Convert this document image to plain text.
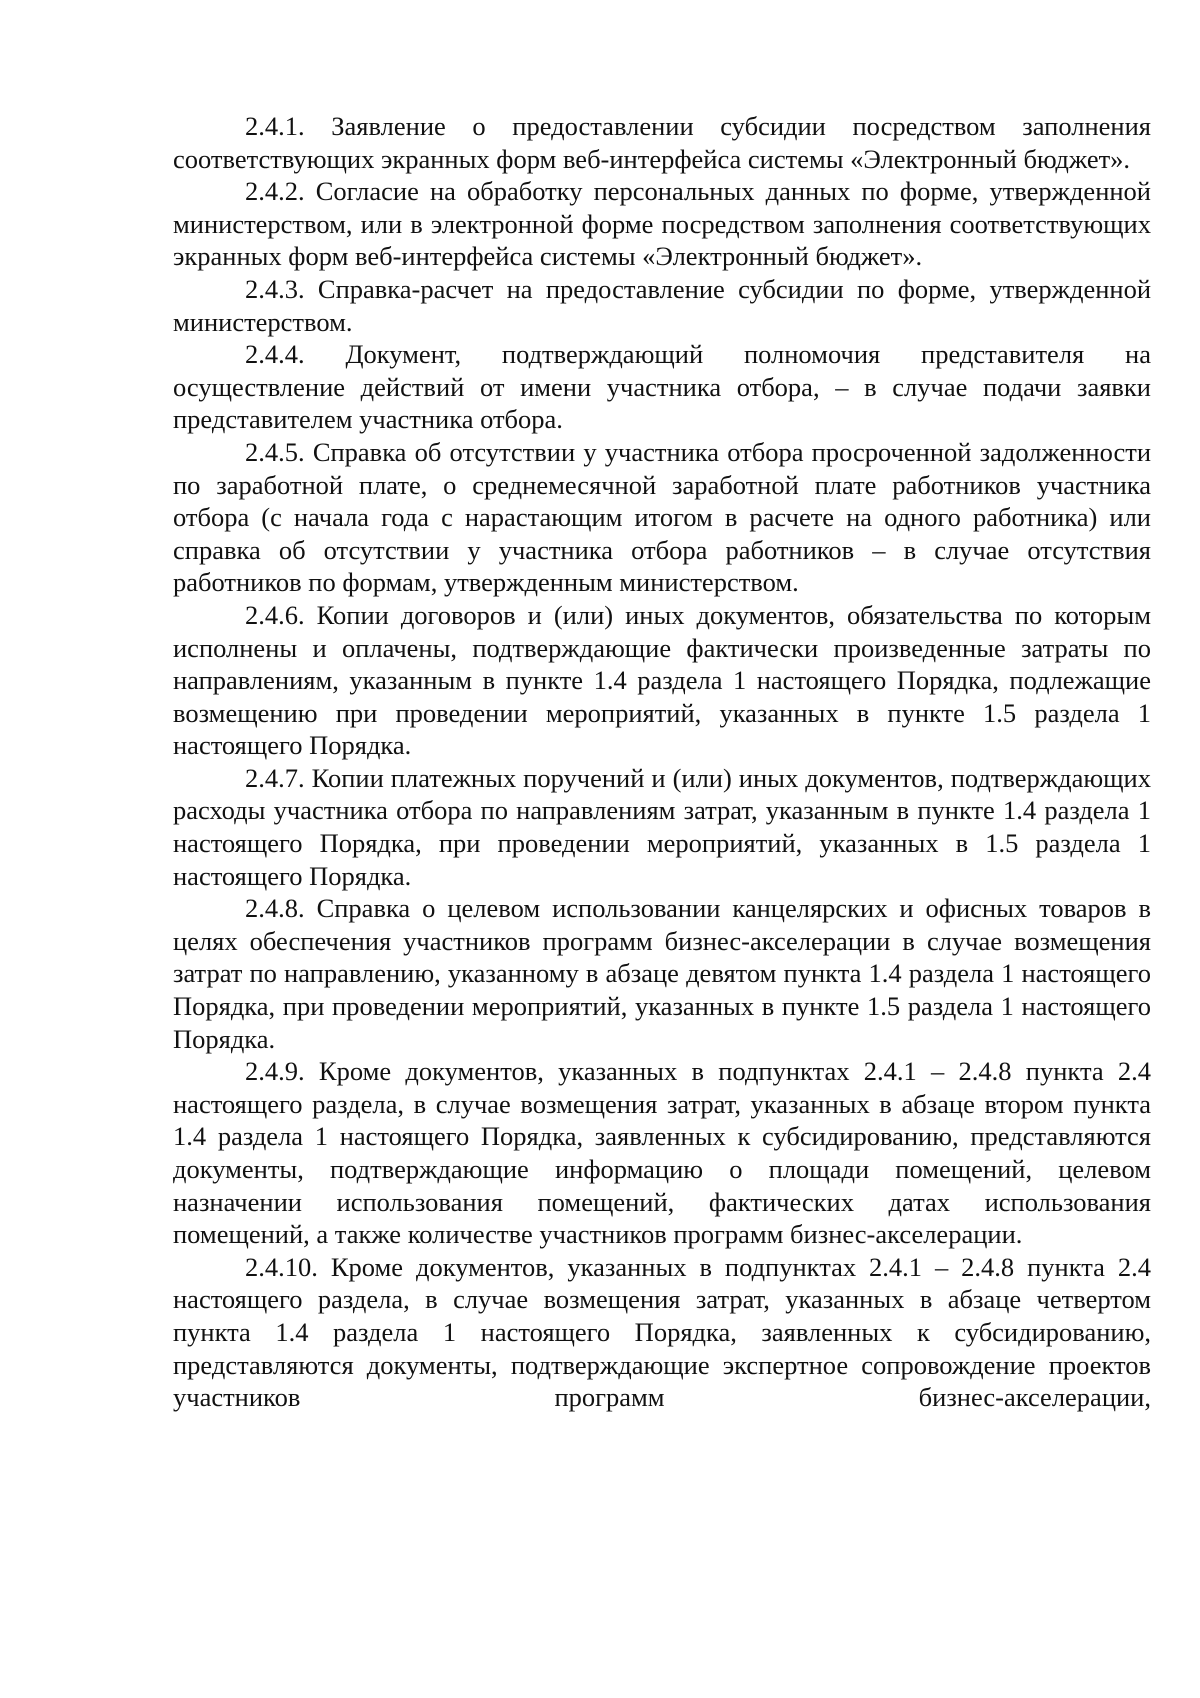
2.4.1. Заявление о предоставлении субсидии посредством заполнения соответствующих экранных форм веб-интерфейса системы «Электронный бюджет».

2.4.2. Согласие на обработку персональных данных по форме, утвержденной министерством, или в электронной форме посредством заполнения соответствующих экранных форм веб-интерфейса системы «Электронный бюджет».

2.4.3. Справка-расчет на предоставление субсидии по форме, утвержденной министерством.

2.4.4. Документ, подтверждающий полномочия представителя на осуществление действий от имени участника отбора, – в случае подачи заявки представителем участника отбора.

2.4.5. Справка об отсутствии у участника отбора просроченной задолженности по заработной плате, о среднемесячной заработной плате работников участника отбора (с начала года с нарастающим итогом в расчете на одного работника) или справка об отсутствии у участника отбора работников – в случае отсутствия работников по формам, утвержденным министерством.

2.4.6. Копии договоров и (или) иных документов, обязательства по которым исполнены и оплачены, подтверждающие фактически произведенные затраты по направлениям, указанным в пункте 1.4 раздела 1 настоящего Порядка, подлежащие возмещению при проведении мероприятий, указанных в пункте 1.5 раздела 1 настоящего Порядка.

2.4.7. Копии платежных поручений и (или) иных документов, подтверждающих расходы участника отбора по направлениям затрат, указанным в пункте 1.4 раздела 1 настоящего Порядка, при проведении мероприятий, указанных в 1.5 раздела 1 настоящего Порядка.

2.4.8. Справка о целевом использовании канцелярских и офисных товаров в целях обеспечения участников программ бизнес-акселерации в случае возмещения затрат по направлению, указанному в абзаце девятом пункта 1.4 раздела 1 настоящего Порядка, при проведении мероприятий, указанных в пункте 1.5 раздела 1 настоящего Порядка.

2.4.9. Кроме документов, указанных в подпунктах 2.4.1 – 2.4.8 пункта 2.4 настоящего раздела, в случае возмещения затрат, указанных в абзаце втором пункта 1.4 раздела 1 настоящего Порядка, заявленных к субсидированию, представляются документы, подтверждающие информацию о площади помещений, целевом назначении использования помещений, фактических датах использования помещений, а также количестве участников программ бизнес-акселерации.

2.4.10. Кроме документов, указанных в подпунктах 2.4.1 – 2.4.8 пункта 2.4 настоящего раздела, в случае возмещения затрат, указанных в абзаце четвертом пункта 1.4 раздела 1 настоящего Порядка, заявленных к субсидированию, представляются документы, подтверждающие экспертное сопровождение проектов участников программ бизнес-акселерации,
